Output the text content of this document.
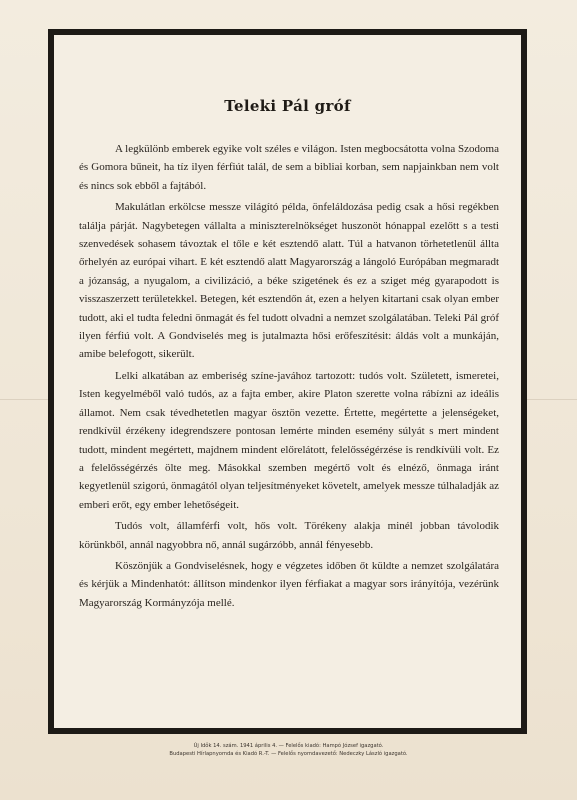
Teleki Pál gróf

A legkülönb emberek egyike volt széles e világon. Isten megbocsátotta volna Szodoma és Gomora bűneit, ha tíz ilyen férfiút talál, de sem a bibliai korban, sem napjainkban nem volt és nincs sok ebből a fajtából.

Makulátlan erkölcse messze világító példa, önfeláldozása pedig csak a hősi regékben találja párját. Nagybetegen vállalta a miniszterelnökséget huszonöt hónappal ezelőtt s a testi szenvedések sohasem távoztak el tőle e két esztendő alatt. Túl a hatvanon törhetetlenül állta őrhelyén az európai vihart. E két esztendő alatt Magyarország a lángoló Európában megmaradt a józanság, a nyugalom, a civilizáció, a béke szigetének és ez a sziget még gyarapodott is visszaszerzett területekkel. Betegen, két esztendőn át, ezen a helyen kitartani csak olyan ember tudott, aki el tudta feledni önmagát és fel tudott olvadni a nemzet szolgálatában. Teleki Pál gróf ilyen férfiú volt. A Gondviselés meg is jutalmazta hősi erőfeszítésit: áldás volt a munkáján, amibe belefogott, sikerült.

Lelki alkatában az emberiség színe-javához tartozott: tudós volt. Született, ismeretei, Isten kegyelméből való tudós, az a fajta ember, akire Platon szerette volna rábízni az ideális államot. Nem csak tévedhetetlen magyar ösztön vezette. Értette, megértette a jelenségeket, rendkívül érzékeny idegrendszere pontosan lemérte minden esemény súlyát s mert mindent tudott, mindent megértett, majdnem mindent előrelátott, felelősségérzése is rendkívüli volt. Ez a felelősségérzés ölte meg. Másokkal szemben megértő volt és elnéző, önmaga iránt kegyetlenül szigorú, önmagától olyan teljesítményeket követelt, amelyek messze túlhaladják az emberi erőt, egy ember lehetőségeit.

Tudós volt, államférfi volt, hős volt. Törékeny alakja minél jobban távolodik körünkből, annál nagyobbra nő, annál sugárzóbb, annál fényesebb.

Köszönjük a Gondviselésnek, hogy e végzetes időben őt küldte a nemzet szolgálatára és kérjük a Mindenhatót: állítson mindenkor ilyen férfiakat a magyar sors irányítója, vezérünk Magyarország Kormányzója mellé.

Új Idők 14. szám. 1941 április 4. — Felelős kiadó: Hampó József igazgató.
Budapesti Hírlapnyomda és Kiadó R.-T. — Felelős nyomdavezető: Nedeczky László igazgató.
